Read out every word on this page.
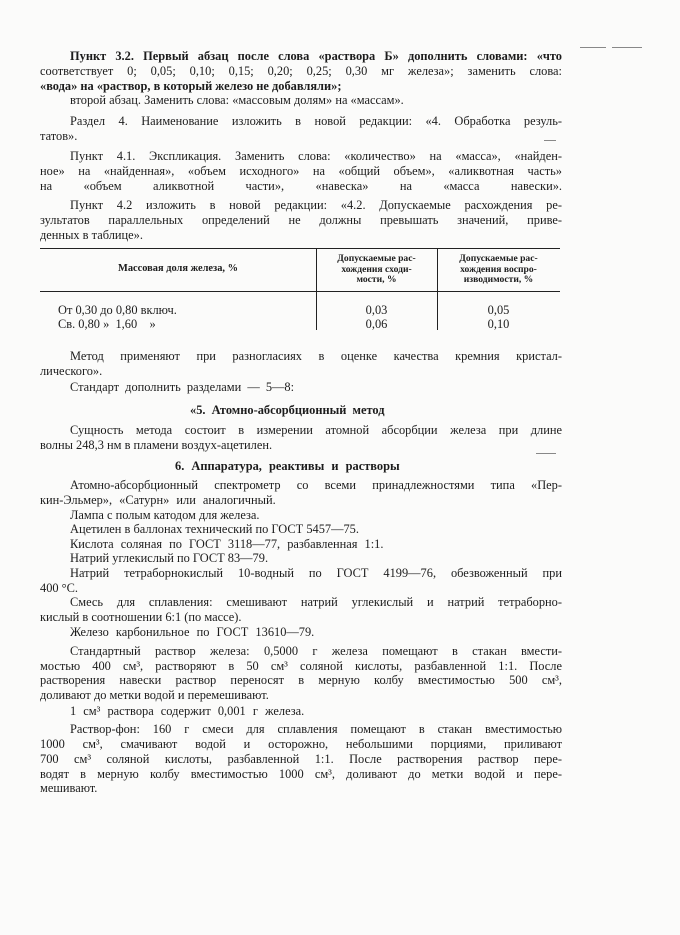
Пункт 3.2. Первый абзац после слова «раствора Б» дополнить словами: «что
соответствует 0; 0,05; 0,10; 0,15; 0,20; 0,25; 0,30 мг железа»; заменить слова:
«вода» на «раствор, в который железо не добавляли»;
второй абзац. Заменить слова: «массовым долям» на «массам».
Раздел 4. Наименование изложить в новой редакции: «4. Обработка резуль-
татов».
Пункт 4.1. Экспликация. Заменить слова: «количество» на «масса», «найден-
ное» на «найденная», «объем исходного» на «общий объем», «аликвотная часть»
на «объем аликвотной части», «навеска» на «масса навески».
Пункт 4.2 изложить в новой редакции: «4.2. Допускаемые расхождения ре-
зультатов параллельных определений не должны превышать значений, приве-
денных в таблице».
Массовая доля железа, %
Допускаемые рас-
хождения сходи-
мости, %
Допускаемые рас-
хождения воспро-
изводимости, %
От 0,30 до 0,80 включ.	0,03	0,05
Св. 0,80 »  1,60    »	0,06	0,10
Метод применяют при разногласиях в оценке качества кремния кристал-
лического».
Стандарт дополнить разделами — 5—8:
«5. Атомно-абсорбционный метод
Сущность метода состоит в измерении атомной абсорбции железа при длине
волны 248,3 нм в пламени воздух-ацетилен.
6. Аппаратура, реактивы и растворы
Атомно-абсорбционный спектрометр со всеми принадлежностями типа «Пер-
кин-Эльмер», «Сатурн» или аналогичный.
Лампа с полым катодом для железа.
Ацетилен в баллонах технический по ГОСТ 5457—75.
Кислота соляная по ГОСТ 3118—77, разбавленная 1:1.
Натрий углекислый по ГОСТ 83—79.
Натрий тетраборнокислый 10-водный по ГОСТ 4199—76, обезвоженный при
400 °С.
Смесь для сплавления: смешивают натрий углекислый и натрий тетраборно-
кислый в соотношении 6:1 (по массе).
Железо карбонильное по ГОСТ 13610—79.
Стандартный раствор железа: 0,5000 г железа помещают в стакан вмести-
мостью 400 см³, растворяют в 50 см³ соляной кислоты, разбавленной 1:1. После
растворения навески раствор переносят в мерную колбу вместимостью 500 см³,
доливают до метки водой и перемешивают.
1 см³ раствора содержит 0,001 г железа.
Раствор-фон: 160 г смеси для сплавления помещают в стакан вместимостью
1000 см³, смачивают водой и осторожно, небольшими порциями, приливают
700 см³ соляной кислоты, разбавленной 1:1. После растворения раствор пере-
водят в мерную колбу вместимостью 1000 см³, доливают до метки водой и пере-
мешивают.
